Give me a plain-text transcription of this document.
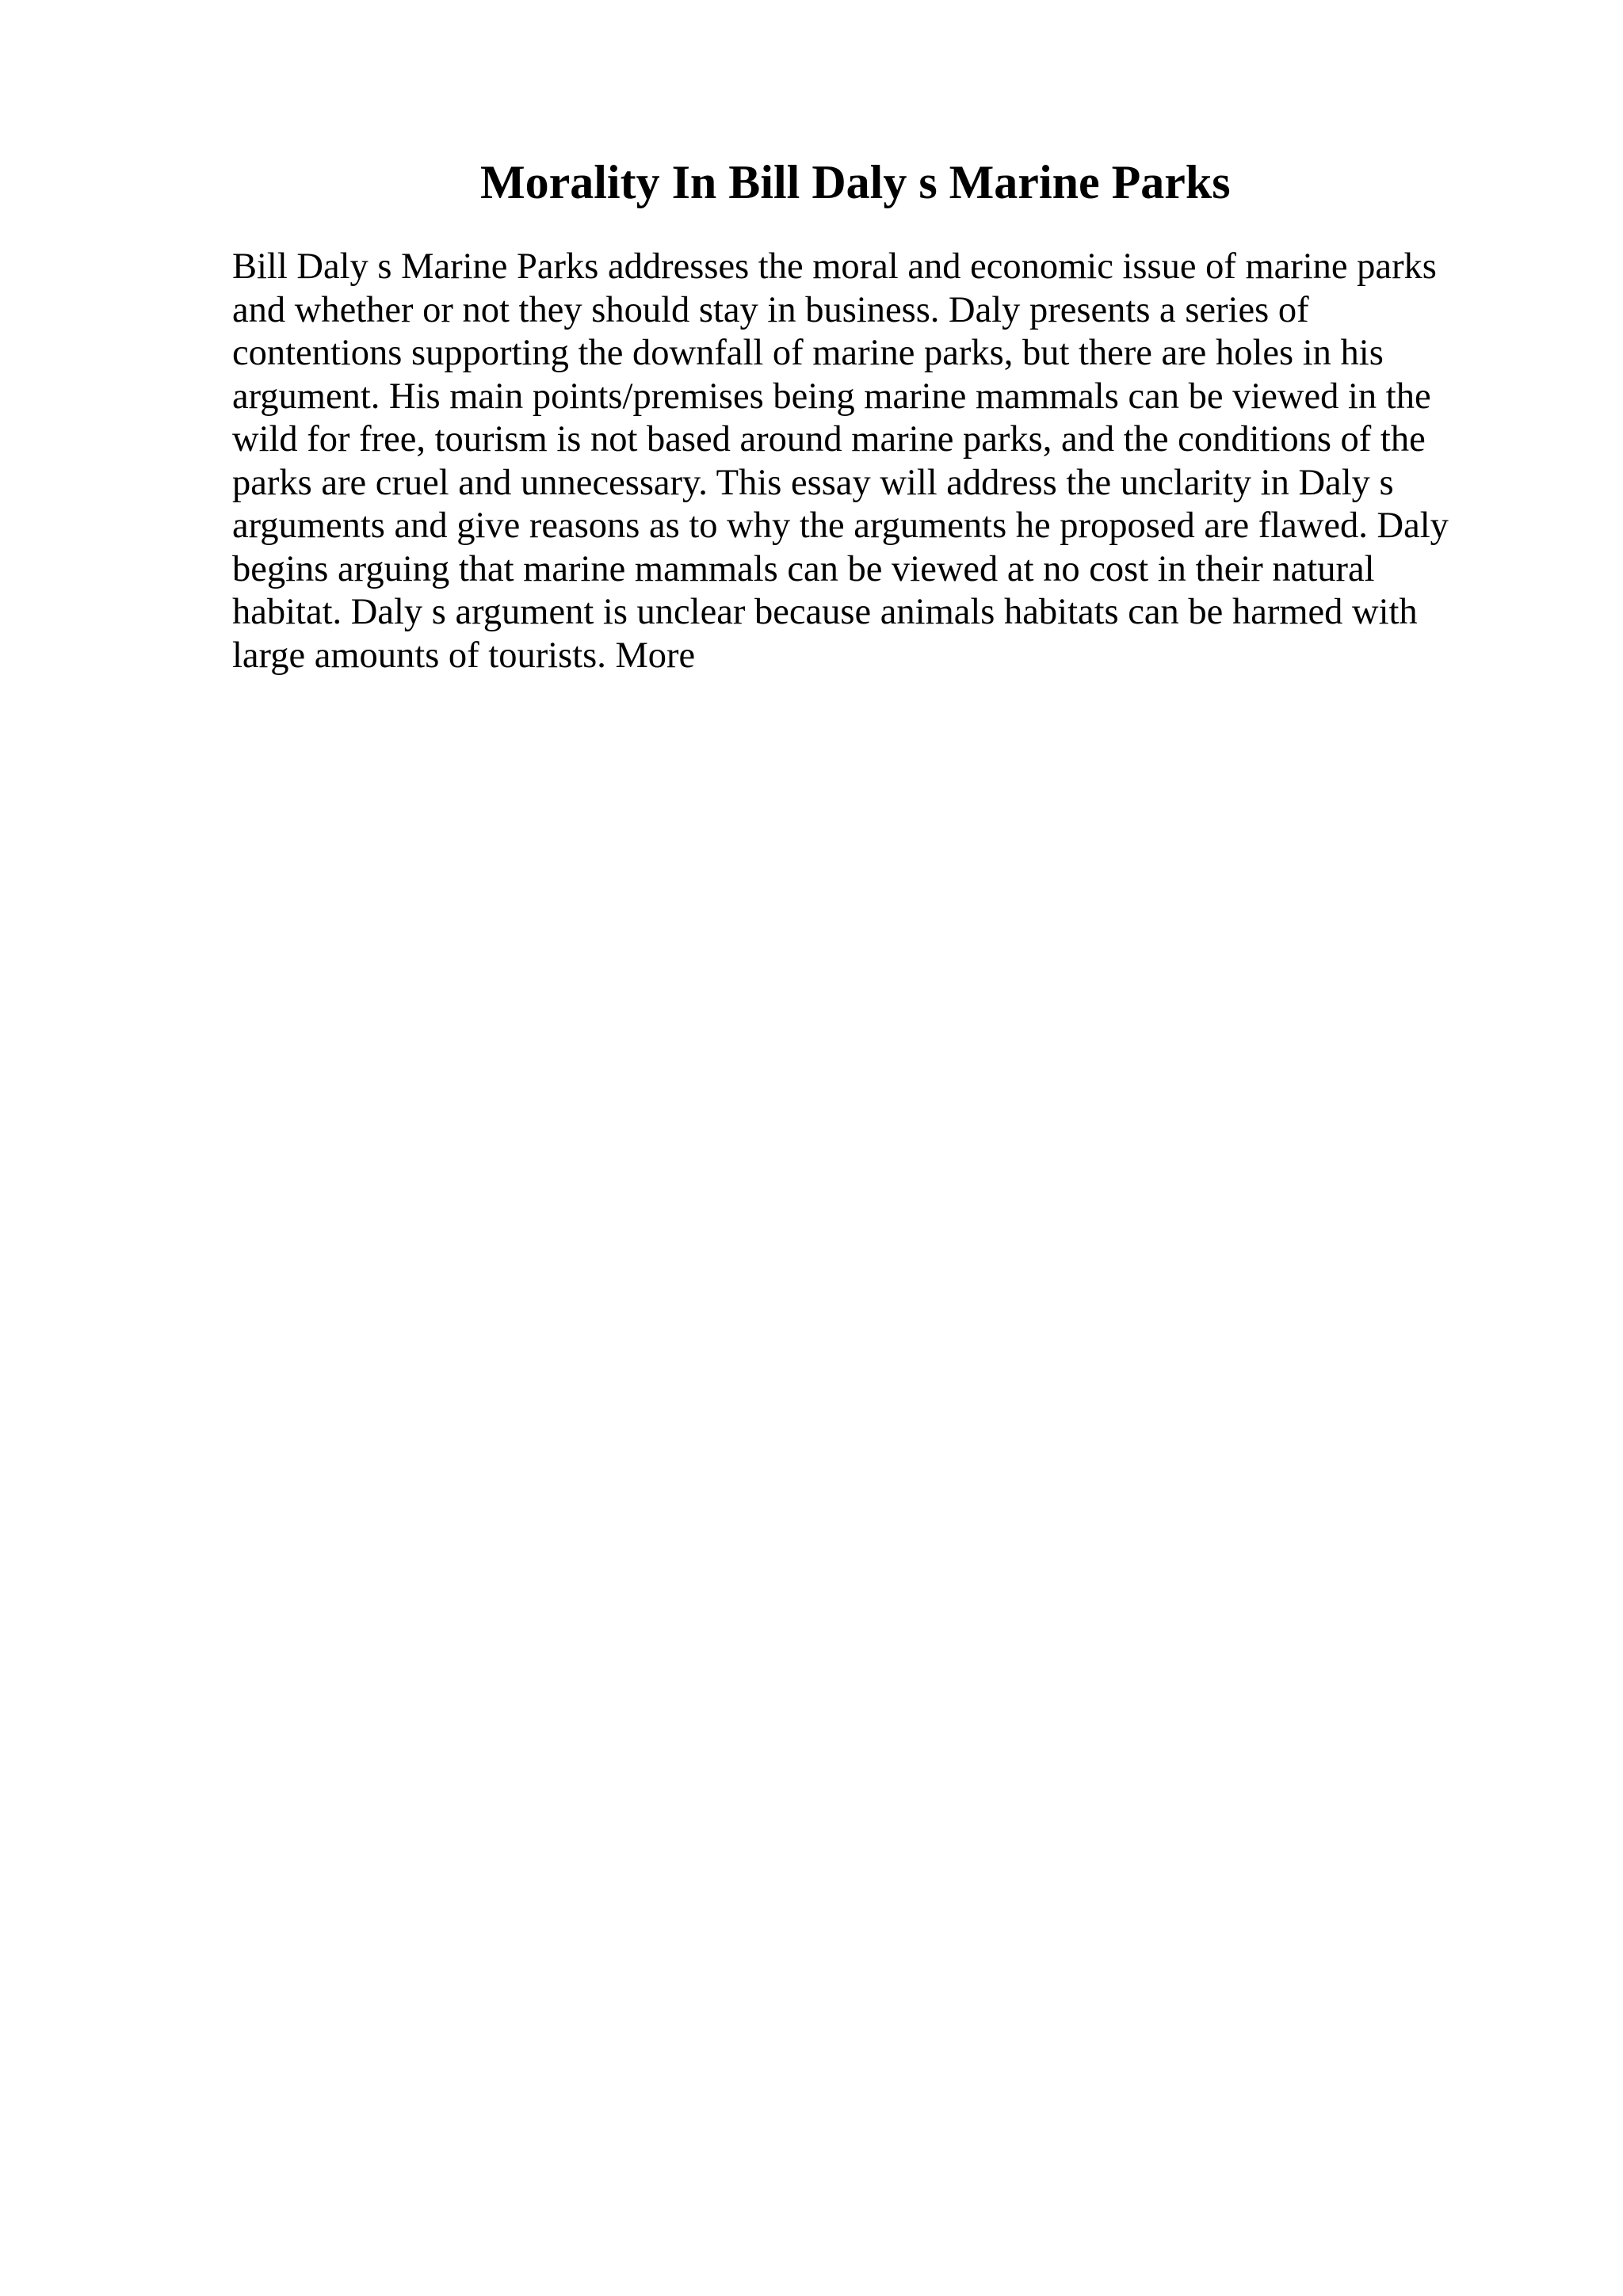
Morality In Bill Daly s Marine Parks

Bill Daly s Marine Parks addresses the moral and economic issue of marine parks
and whether or not they should stay in business. Daly presents a series of
contentions supporting the downfall of marine parks, but there are holes in his
argument. His main points/premises being marine mammals can be viewed in the
wild for free, tourism is not based around marine parks, and the conditions of the
parks are cruel and unnecessary. This essay will address the unclarity in Daly s
arguments and give reasons as to why the arguments he proposed are flawed. Daly
begins arguing that marine mammals can be viewed at no cost in their natural
habitat. Daly s argument is unclear because animals habitats can be harmed with
large amounts of tourists. More
